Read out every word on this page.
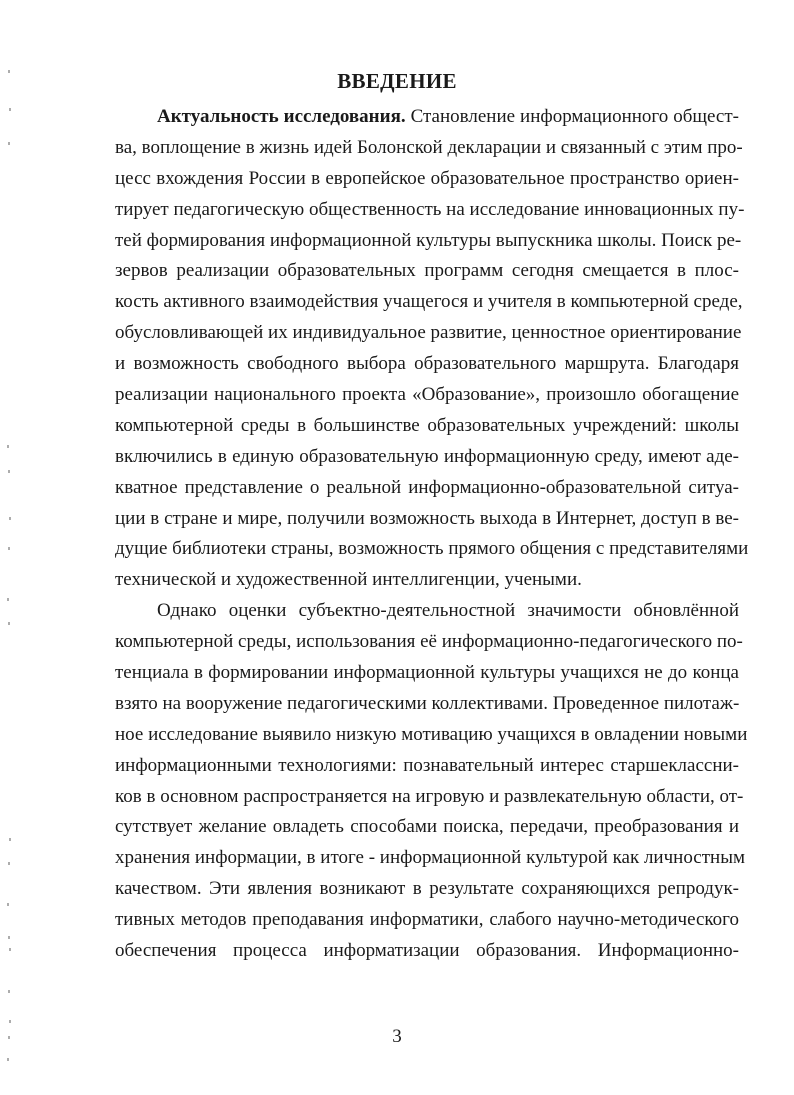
ВВЕДЕНИЕ
Актуальность исследования. Становление информационного общест-
ва, воплощение в жизнь идей Болонской декларации и связанный с этим про-
цесс вхождения России в европейское образовательное пространство ориен-
тирует педагогическую общественность на исследование инновационных пу-
тей формирования информационной культуры выпускника школы. Поиск ре-
зервов реализации образовательных программ сегодня смещается в плос-
кость активного взаимодействия учащегося и учителя в компьютерной среде,
обусловливающей их индивидуальное развитие, ценностное ориентирование
и возможность свободного выбора образовательного маршрута. Благодаря
реализации национального проекта «Образование», произошло обогащение
компьютерной среды в большинстве образовательных учреждений: школы
включились в единую образовательную информационную среду, имеют аде-
кватное представление о реальной информационно-образовательной ситуа-
ции в стране и мире, получили возможность выхода в Интернет, доступ в ве-
дущие библиотеки страны, возможность прямого общения с представителями
технической и художественной интеллигенции, учеными.
Однако оценки субъектно-деятельностной значимости обновлённой
компьютерной среды, использования её информационно-педагогического по-
тенциала в формировании информационной культуры учащихся не до конца
взято на вооружение педагогическими коллективами. Проведенное пилотаж-
ное исследование выявило низкую мотивацию учащихся в овладении новыми
информационными технологиями: познавательный интерес старшеклассни-
ков в основном распространяется на игровую и развлекательную области, от-
сутствует желание овладеть способами поиска, передачи, преобразования и
хранения информации, в итоге - информационной культурой как личностным
качеством. Эти явления возникают в результате сохраняющихся репродук-
тивных методов преподавания информатики, слабого научно-методического
обеспечения процесса информатизации образования. Информационно-
3
